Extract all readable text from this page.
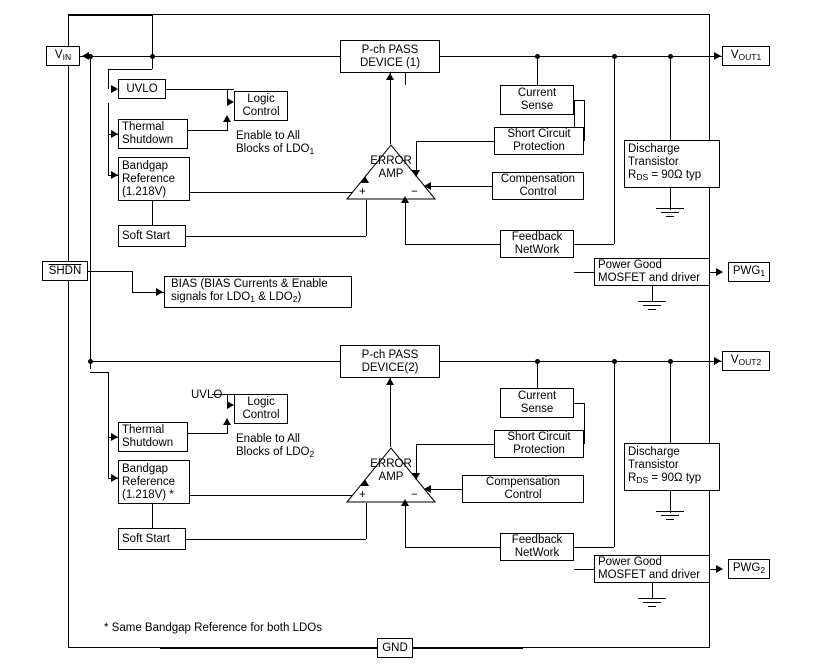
$V_{IN}$
SHDN
$V_{OUT1}$
$V_{OUT2}$
$PWG_1$
$PWG_2$
GND
P-ch PASS DEVICE (1)
UVLO
Logic Control
Thermal Shutdown
Bandgap Reference (1.218V)
Soft Start
Enable to All
Blocks of $LDO_1$
ERROR
AMP
+	−
Current Sense
Short Circuit Protection
Compensation Control
Feedback NetWork
Discharge
Transistor
$R_{DS} = 90\Omega$ typ
Power Good MOSFET and driver
BIAS (BIAS Currents & Enable
signals for $LDO_1$ & $LDO_2$)
P-ch PASS DEVICE(2)
UVLO
Logic Control
Thermal Shutdown
Bandgap Reference (1.218V) *
Soft Start
Enable to All
Blocks of $LDO_2$
ERROR
AMP
+	−
Current Sense
Short Circuit Protection
Compensation Control
Feedback NetWork
Discharge
Transistor
$R_{DS} = 90\Omega$ typ
Power Good MOSFET and driver
* Same Bandgap Reference for both LDOs
